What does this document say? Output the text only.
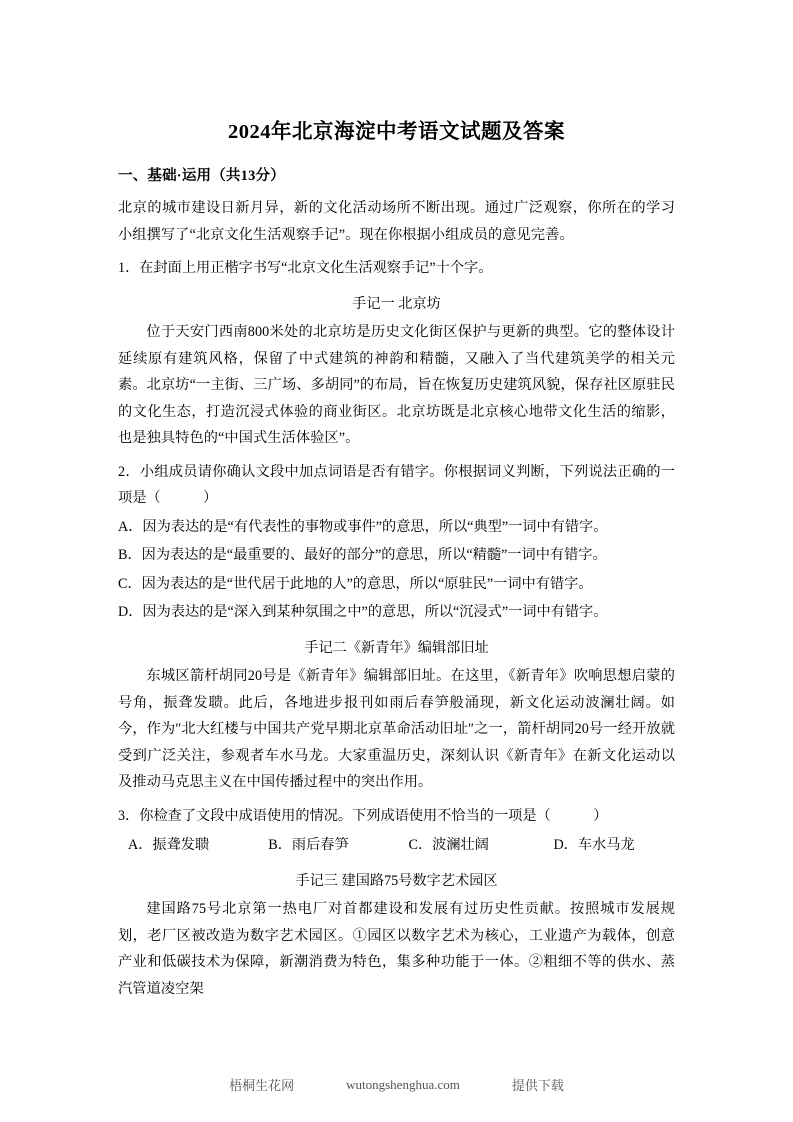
2024年北京海淀中考语文试题及答案
一、基础·运用（共13分）

北京的城市建设日新月异，新的文化活动场所不断出现。通过广泛观察，你所在的学习小组撰写了“北京文化生活观察手记”。现在你根据小组成员的意见完善。

1．在封面上用正楷字书写“北京文化生活观察手记”十个字。

手记一 北京坊

位于天安门西南800米处的北京坊是历史文化街区保护与更新的典型。它的整体设计延续原有建筑风格，保留了中式建筑的神韵和精髓，又融入了当代建筑美学的相关元素。北京坊“一主街、三广场、多胡同”的布局，旨在恢复历史建筑风貌，保存社区原驻民的文化生态，打造沉浸式体验的商业街区。北京坊既是北京核心地带文化生活的缩影，也是独具特色的“中国式生活体验区”。

2．小组成员请你确认文段中加点词语是否有错字。你根据词义判断，下列说法正确的一项是（　　　）

A．因为表达的是“有代表性的事物或事件”的意思，所以“典型”一词中有错字。

B．因为表达的是“最重要的、最好的部分”的意思，所以“精髓”一词中有错字。

C．因为表达的是“世代居于此地的人”的意思，所以“原驻民”一词中有错字。

D．因为表达的是“深入到某种氛围之中”的意思，所以“沉浸式”一词中有错字。

手记二《新青年》编辑部旧址

东城区箭杆胡同20号是《新青年》编辑部旧址。在这里，《新青年》吹响思想启蒙的号角，振聋发聩。此后，各地进步报刊如雨后春笋般涌现，新文化运动波澜壮阔。如今，作为″北大红楼与中国共产党早期北京革命活动旧址″之一，箭杆胡同20号一经开放就受到广泛关注，参观者车水马龙。大家重温历史，深刻认识《新青年》在新文化运动以及推动马克思主义在中国传播过程中的突出作用。

3．你检查了文段中成语使用的情况。下列成语使用不恰当的一项是（　　　）

A．振聋发聩	B．雨后春笋	C．波澜壮阔	D．车水马龙
手记三 建国路75号数字艺术园区

建国路75号北京第一热电厂对首都建设和发展有过历史性贡献。按照城市发展规划，老厂区被改造为数字艺术园区。①园区以数字艺术为核心，工业遗产为载体，创意产业和低碳技术为保障，新潮消费为特色，集多种功能于一体。②粗细不等的供水、蒸汽管道凌空架

梧桐生花网	wutongshenghua.com	提供下载
